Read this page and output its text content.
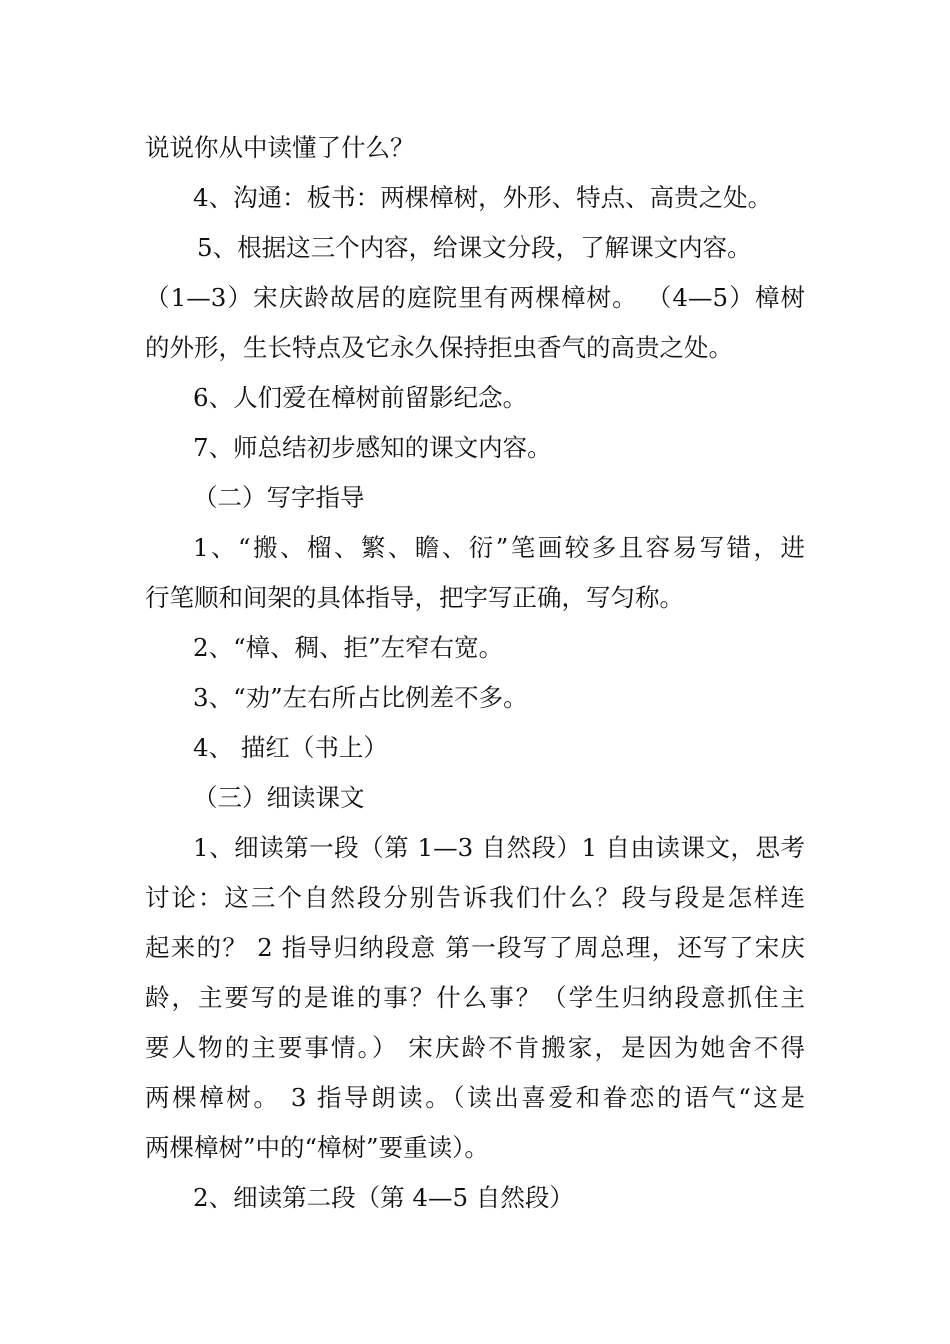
说说你从中读懂了什么？
4、沟通：板书：两棵樟树，外形、特点、高贵之处。
5、根据这三个内容，给课文分段，了解课文内容。
（1—3）宋庆龄故居的庭院里有两棵樟树。 （4—5）樟树
的外形，生长特点及它永久保持拒虫香气的高贵之处。
6、人们爱在樟树前留影纪念。
7、师总结初步感知的课文内容。
（二）写字指导
1、“搬、榴、繁、瞻、衍”笔画较多且容易写错，进
行笔顺和间架的具体指导，把字写正确，写匀称。
2、“樟、稠、拒”左窄右宽。
3、“劝”左右所占比例差不多。
4、 描红（书上）
（三）细读课文
1、细读第一段（第 1—3 自然段）1 自由读课文，思考
讨论：这三个自然段分别告诉我们什么？段与段是怎样连
起来的？ 2 指导归纳段意 第一段写了周总理，还写了宋庆
龄，主要写的是谁的事？什么事？（学生归纳段意抓住主
要人物的主要事情。） 宋庆龄不肯搬家，是因为她舍不得
两棵樟树。 3 指导朗读。（读出喜爱和眷恋的语气“这是
两棵樟树”中的“樟树”要重读）。
2、细读第二段（第 4—5 自然段）
